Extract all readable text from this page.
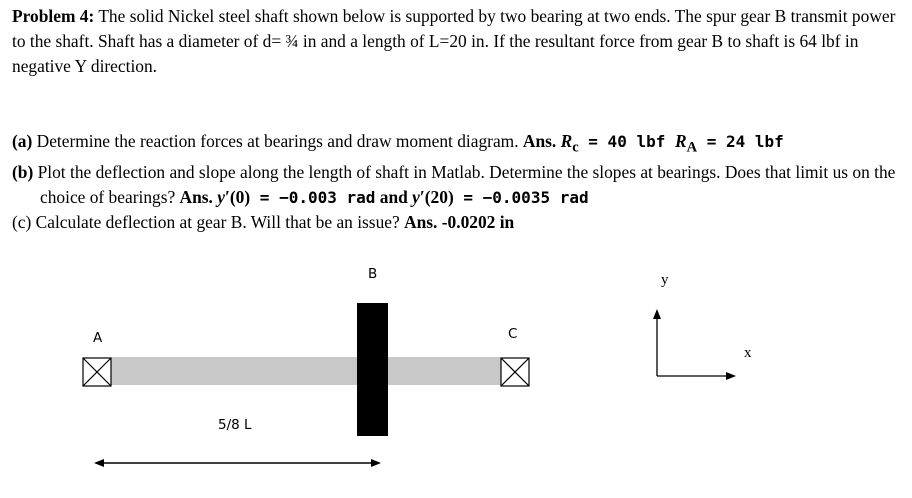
Problem 4: The solid Nickel steel shaft shown below is supported by two bearing at two ends. The spur gear B transmit power to the shaft. Shaft has a diameter of d= ¾ in and a length of L=20 in. If the resultant force from gear B to shaft is 64 lbf in negative Y direction.

(a) Determine the reaction forces at bearings and draw moment diagram. Ans. $R_c = 40$ lbf $R_A = 24$ lbf

(b) Plot the deflection and slope along the length of shaft in Matlab. Determine the slopes at bearings. Does that limit us on the choice of bearings? Ans. y′(0) = −0.003 rad and y′(20) = −0.0035 rad

(c) Calculate deflection at gear B. Will that be an issue? Ans. -0.0202 in

A
B
C
5/8 L
y
x
